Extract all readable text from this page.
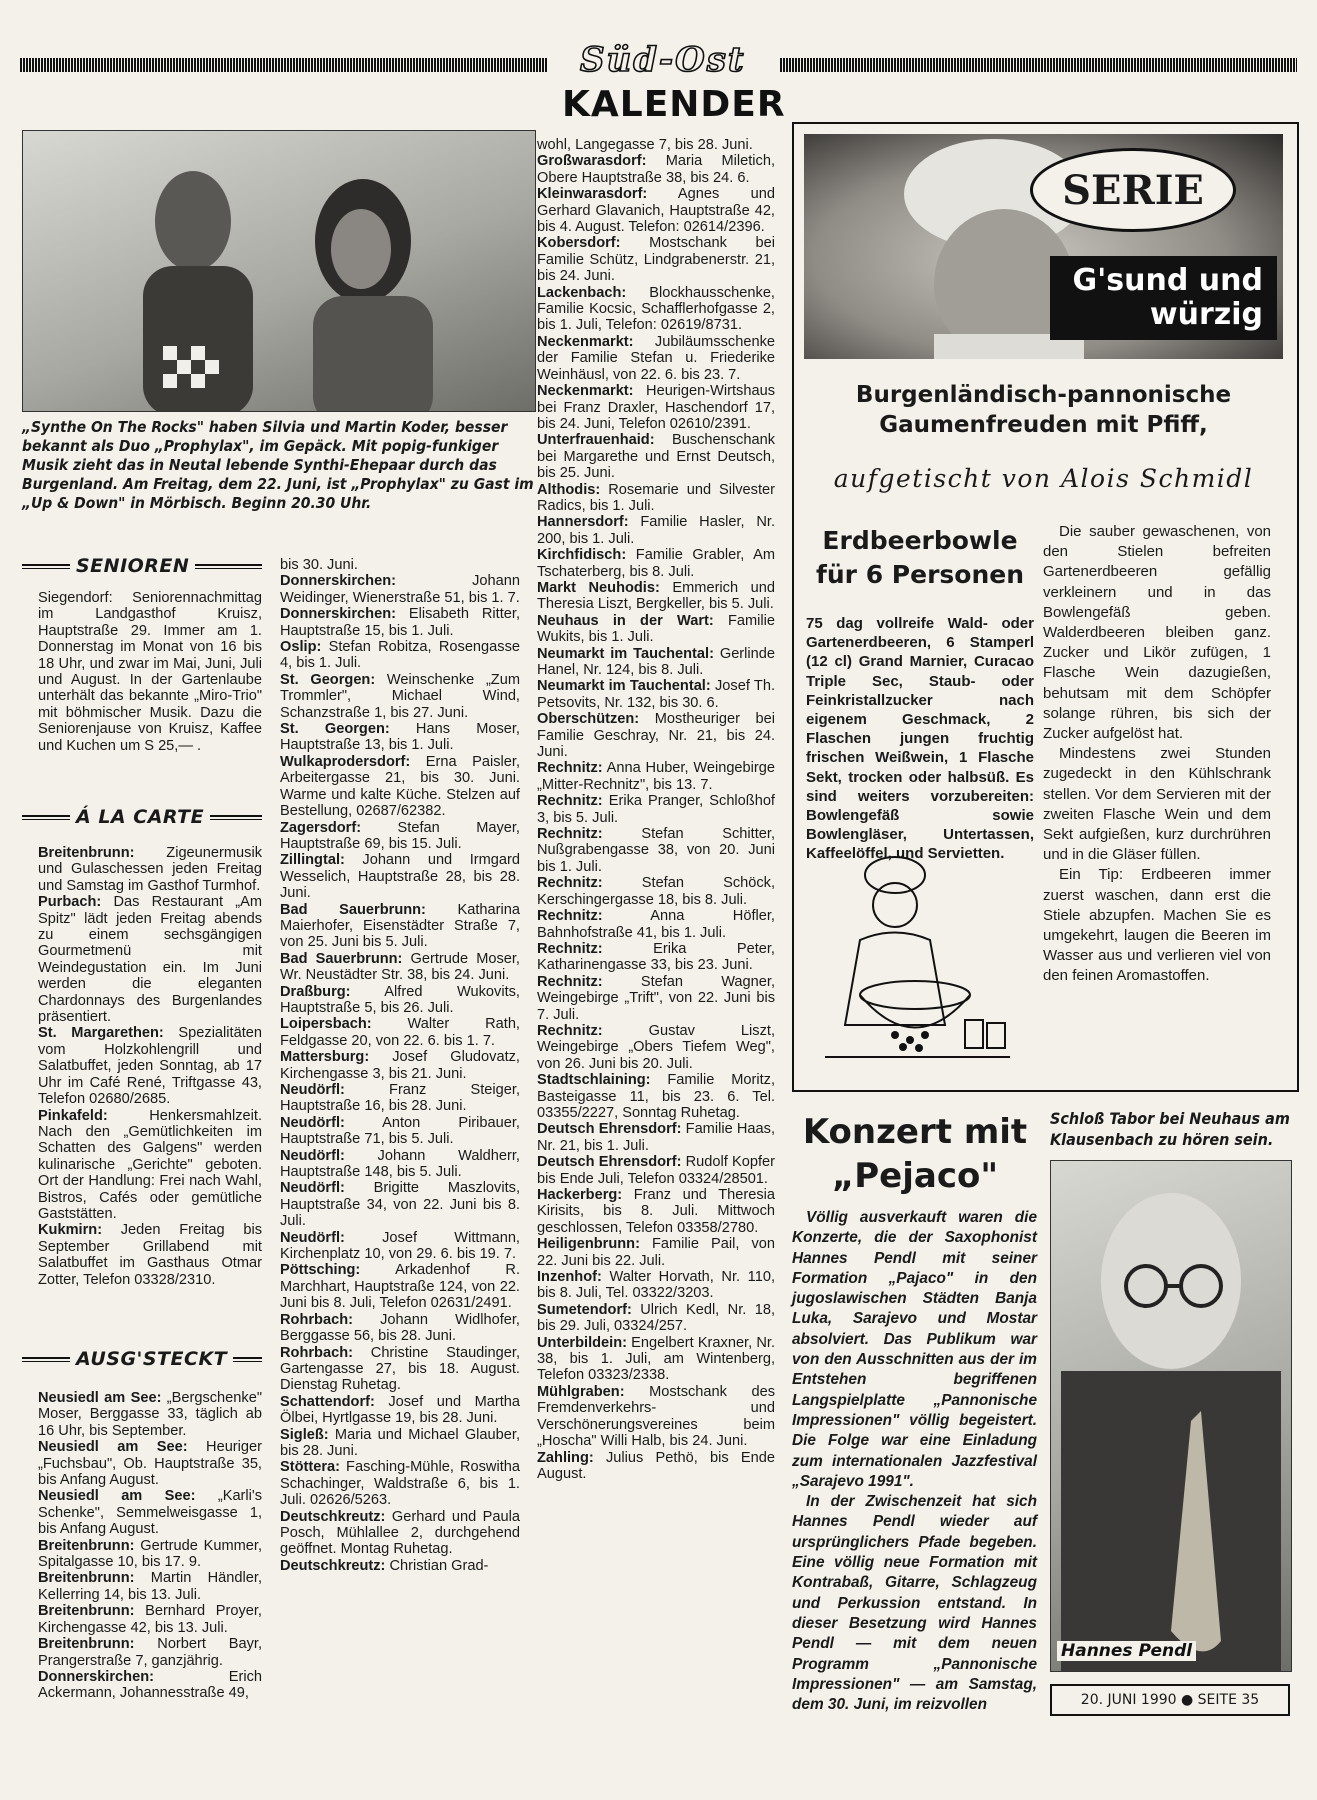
Süd-Ost
KALENDER
„Synthe On The Rocks" haben Silvia und Martin Koder, besser bekannt als Duo „Prophylax", im Gepäck. Mit popig-funkiger Musik zieht das in Neutal lebende Synthi-Ehepaar durch das Burgenland. Am Freitag, dem 22. Juni, ist „Prophylax" zu Gast im „Up & Down" in Mörbisch. Beginn 20.30 Uhr.
SENIOREN
Á LA CARTE
AUSG'STECKT

Siegendorf: Seniorennachmittag im Landgasthof Kruisz, Hauptstraße 29. Immer am 1. Donnerstag im Monat von 16 bis 18 Uhr, und zwar im Mai, Juni, Juli und August. In der Gartenlaube unterhält das bekannte „Miro-Trio" mit böhmischer Musik. Dazu die Seniorenjause von Kruisz, Kaffee und Kuchen um S 25,— .

Breitenbrunn: Zigeunermusik und Gulaschessen jeden Freitag und Samstag im Gasthof Turmhof.

Purbach: Das Restaurant „Am Spitz" lädt jeden Freitag abends zu einem sechsgängigen Gourmetmenü mit Weindegustation ein. Im Juni werden die eleganten Chardonnays des Burgenlandes präsentiert.

St. Margarethen: Spezialitäten vom Holzkohlengrill und Salatbuffet, jeden Sonntag, ab 17 Uhr im Café René, Triftgasse 43, Telefon 02680/2685.

Pinkafeld: Henkersmahlzeit. Nach den „Gemütlichkeiten im Schatten des Galgens" werden kulinarische „Gerichte" geboten. Ort der Handlung: Frei nach Wahl, Bistros, Cafés oder gemütliche Gaststätten.

Kukmirn: Jeden Freitag bis September Grillabend mit Salatbuffet im Gasthaus Otmar Zotter, Telefon 03328/2310.

Neusiedl am See: „Bergschenke" Moser, Berggasse 33, täglich ab 16 Uhr, bis September.

Neusiedl am See: Heuriger „Fuchsbau", Ob. Hauptstraße 35, bis Anfang August.

Neusiedl am See: „Karli's Schenke", Semmelweisgasse 1, bis Anfang August.

Breitenbrunn: Gertrude Kummer, Spitalgasse 10, bis 17. 9.

Breitenbrunn: Martin Händler, Kellerring 14, bis 13. Juli.

Breitenbrunn: Bernhard Proyer, Kirchengasse 42, bis 13. Juli.

Breitenbrunn: Norbert Bayr, Prangerstraße 7, ganzjährig.

Donnerskirchen: Erich Ackermann, Johannesstraße 49,

bis 30. Juni.

Donnerskirchen: Johann Weidinger, Wienerstraße 51, bis 1. 7.

Donnerskirchen: Elisabeth Ritter, Hauptstraße 15, bis 1. Juli.

Oslip: Stefan Robitza, Rosengasse 4, bis 1. Juli.

St. Georgen: Weinschenke „Zum Trommler", Michael Wind, Schanzstraße 1, bis 27. Juni.

St. Georgen: Hans Moser, Hauptstraße 13, bis 1. Juli.

Wulkaprodersdorf: Erna Paisler, Arbeitergasse 21, bis 30. Juni. Warme und kalte Küche. Stelzen auf Bestellung, 02687/62382.

Zagersdorf: Stefan Mayer, Hauptstraße 69, bis 15. Juli.

Zillingtal: Johann und Irmgard Wesselich, Hauptstraße 28, bis 28. Juni.

Bad Sauerbrunn: Katharina Maierhofer, Eisenstädter Straße 7, von 25. Juni bis 5. Juli.

Bad Sauerbrunn: Gertrude Moser, Wr. Neustädter Str. 38, bis 24. Juni.

Draßburg: Alfred Wukovits, Hauptstraße 5, bis 26. Juli.

Loipersbach: Walter Rath, Feldgasse 20, von 22. 6. bis 1. 7.

Mattersburg: Josef Gludovatz, Kirchengasse 3, bis 21. Juni.

Neudörfl: Franz Steiger, Hauptstraße 16, bis 28. Juni.

Neudörfl: Anton Piribauer, Hauptstraße 71, bis 5. Juli.

Neudörfl: Johann Waldherr, Hauptstraße 148, bis 5. Juli.

Neudörfl: Brigitte Maszlovits, Hauptstraße 34, von 22. Juni bis 8. Juli.

Neudörfl: Josef Wittmann, Kirchenplatz 10, von 29. 6. bis 19. 7.

Pöttsching: Arkadenhof R. Marchhart, Hauptstraße 124, von 22. Juni bis 8. Juli, Telefon 02631/2491.

Rohrbach: Johann Widlhofer, Berggasse 56, bis 28. Juni.

Rohrbach: Christine Staudinger, Gartengasse 27, bis 18. August. Dienstag Ruhetag.

Schattendorf: Josef und Martha Ölbei, Hyrtlgasse 19, bis 28. Juni.

Sigleß: Maria und Michael Glauber, bis 28. Juni.

Stöttera: Fasching-Mühle, Roswitha Schachinger, Waldstraße 6, bis 1. Juli. 02626/5263.

Deutschkreutz: Gerhard und Paula Posch, Mühlallee 2, durchgehend geöffnet. Montag Ruhetag.

Deutschkreutz: Christian Grad-

wohl, Langegasse 7, bis 28. Juni.

Großwarasdorf: Maria Miletich, Obere Hauptstraße 38, bis 24. 6.

Kleinwarasdorf: Agnes und Gerhard Glavanich, Hauptstraße 42, bis 4. August. Telefon: 02614/2396.

Kobersdorf: Mostschank bei Familie Schütz, Lindgrabenerstr. 21, bis 24. Juni.

Lackenbach: Blockhausschenke, Familie Kocsic, Schafflerhofgasse 2, bis 1. Juli, Telefon: 02619/8731.

Neckenmarkt: Jubiläumsschenke der Familie Stefan u. Friederike Weinhäusl, von 22. 6. bis 23. 7.

Neckenmarkt: Heurigen-Wirtshaus bei Franz Draxler, Haschendorf 17, bis 24. Juni, Telefon 02610/2391.

Unterfrauenhaid: Buschenschank bei Margarethe und Ernst Deutsch, bis 25. Juni.

Althodis: Rosemarie und Silvester Radics, bis 1. Juli.

Hannersdorf: Familie Hasler, Nr. 200, bis 1. Juli.

Kirchfidisch: Familie Grabler, Am Tschaterberg, bis 8. Juli.

Markt Neuhodis: Emmerich und Theresia Liszt, Bergkeller, bis 5. Juli.

Neuhaus in der Wart: Familie Wukits, bis 1. Juli.

Neumarkt im Tauchental: Gerlinde Hanel, Nr. 124, bis 8. Juli.

Neumarkt im Tauchental: Josef Th. Petsovits, Nr. 132, bis 30. 6.

Oberschützen: Mostheuriger bei Familie Geschray, Nr. 21, bis 24. Juni.

Rechnitz: Anna Huber, Weingebirge „Mitter-Rechnitz", bis 13. 7.

Rechnitz: Erika Pranger, Schloßhof 3, bis 5. Juli.

Rechnitz: Stefan Schitter, Nußgrabengasse 38, von 20. Juni bis 1. Juli.

Rechnitz: Stefan Schöck, Kerschingergasse 18, bis 8. Juli.

Rechnitz: Anna Höfler, Bahnhofstraße 41, bis 1. Juli.

Rechnitz: Erika Peter, Katharinengasse 33, bis 23. Juni.

Rechnitz: Stefan Wagner, Weingebirge „Trift", von 22. Juni bis 7. Juli.

Rechnitz: Gustav Liszt, Weingebirge „Obers Tiefem Weg", von 26. Juni bis 20. Juli.

Stadtschlaining: Familie Moritz, Basteigasse 11, bis 23. 6. Tel. 03355/2227, Sonntag Ruhetag.

Deutsch Ehrensdorf: Familie Haas, Nr. 21, bis 1. Juli.

Deutsch Ehrensdorf: Rudolf Kopfer bis Ende Juli, Telefon 03324/28501.

Hackerberg: Franz und Theresia Kirisits, bis 8. Juli. Mittwoch geschlossen, Telefon 03358/2780.

Heiligenbrunn: Familie Pail, von 22. Juni bis 22. Juli.

Inzenhof: Walter Horvath, Nr. 110, bis 8. Juli, Tel. 03322/3203.

Sumetendorf: Ulrich Kedl, Nr. 18, bis 29. Juli, 03324/257.

Unterbildein: Engelbert Kraxner, Nr. 38, bis 1. Juli, am Wintenberg, Telefon 03323/2338.

Mühlgraben: Mostschank des Fremdenverkehrs- und Verschönerungsvereines beim „Hoscha" Willi Halb, bis 24. Juni.

Zahling: Julius Pethö, bis Ende August.

SERIE
G'sund und
würzig
Burgenländisch-pannonische
Gaumenfreuden mit Pfiff,
aufgetischt von Alois Schmidl
Erdbeerbowle
für 6 Personen
75 dag vollreife Wald- oder Gartenerdbeeren, 6 Stamperl (12 cl) Grand Marnier, Curacao Triple Sec, Staub- oder Feinkristallzucker nach eigenem Geschmack, 2 Flaschen jungen fruchtig frischen Weißwein, 1 Flasche Sekt, trocken oder halbsüß. Es sind weiters vorzubereiten: Bowlengefäß sowie Bowlengläser, Untertassen, Kaffeelöffel, und Servietten.

Die sauber gewaschenen, von den Stielen befreiten Gartenerdbeeren gefällig verkleinern und in das Bowlengefäß geben. Walderdbeeren bleiben ganz. Zucker und Likör zufügen, 1 Flasche Wein dazugießen, behutsam mit dem Schöpfer solange rühren, bis sich der Zucker aufgelöst hat.

Mindestens zwei Stunden zugedeckt in den Kühlschrank stellen. Vor dem Servieren mit der zweiten Flasche Wein und dem Sekt aufgießen, kurz durchrühren und in die Gläser füllen.

Ein Tip: Erdbeeren immer zuerst waschen, dann erst die Stiele abzupfen. Machen Sie es umgekehrt, laugen die Beeren im Wasser aus und verlieren viel von den feinen Aromastoffen.

Konzert mit
„Pejaco"

Völlig ausverkauft waren die Konzerte, die der Saxophonist Hannes Pendl mit seiner Formation „Pajaco" in den jugoslawischen Städten Banja Luka, Sarajevo und Mostar absolviert. Das Publikum war von den Ausschnitten aus der im Entstehen begriffenen Langspielplatte „Pannonische Impressionen" völlig begeistert. Die Folge war eine Einladung zum internationalen Jazzfestival „Sarajevo 1991".

In der Zwischenzeit hat sich Hannes Pendl wieder auf ursprünglichers Pfade begeben. Eine völlig neue Formation mit Kontrabaß, Gitarre, Schlagzeug und Perkussion entstand. In dieser Besetzung wird Hannes Pendl — mit dem neuen Programm „Pannonische Impressionen" — am Samstag, dem 30. Juni, im reizvollen

Schloß Tabor bei Neuhaus am Klausenbach zu hören sein.
Hannes Pendl
20. JUNI 1990 ● SEITE 35
